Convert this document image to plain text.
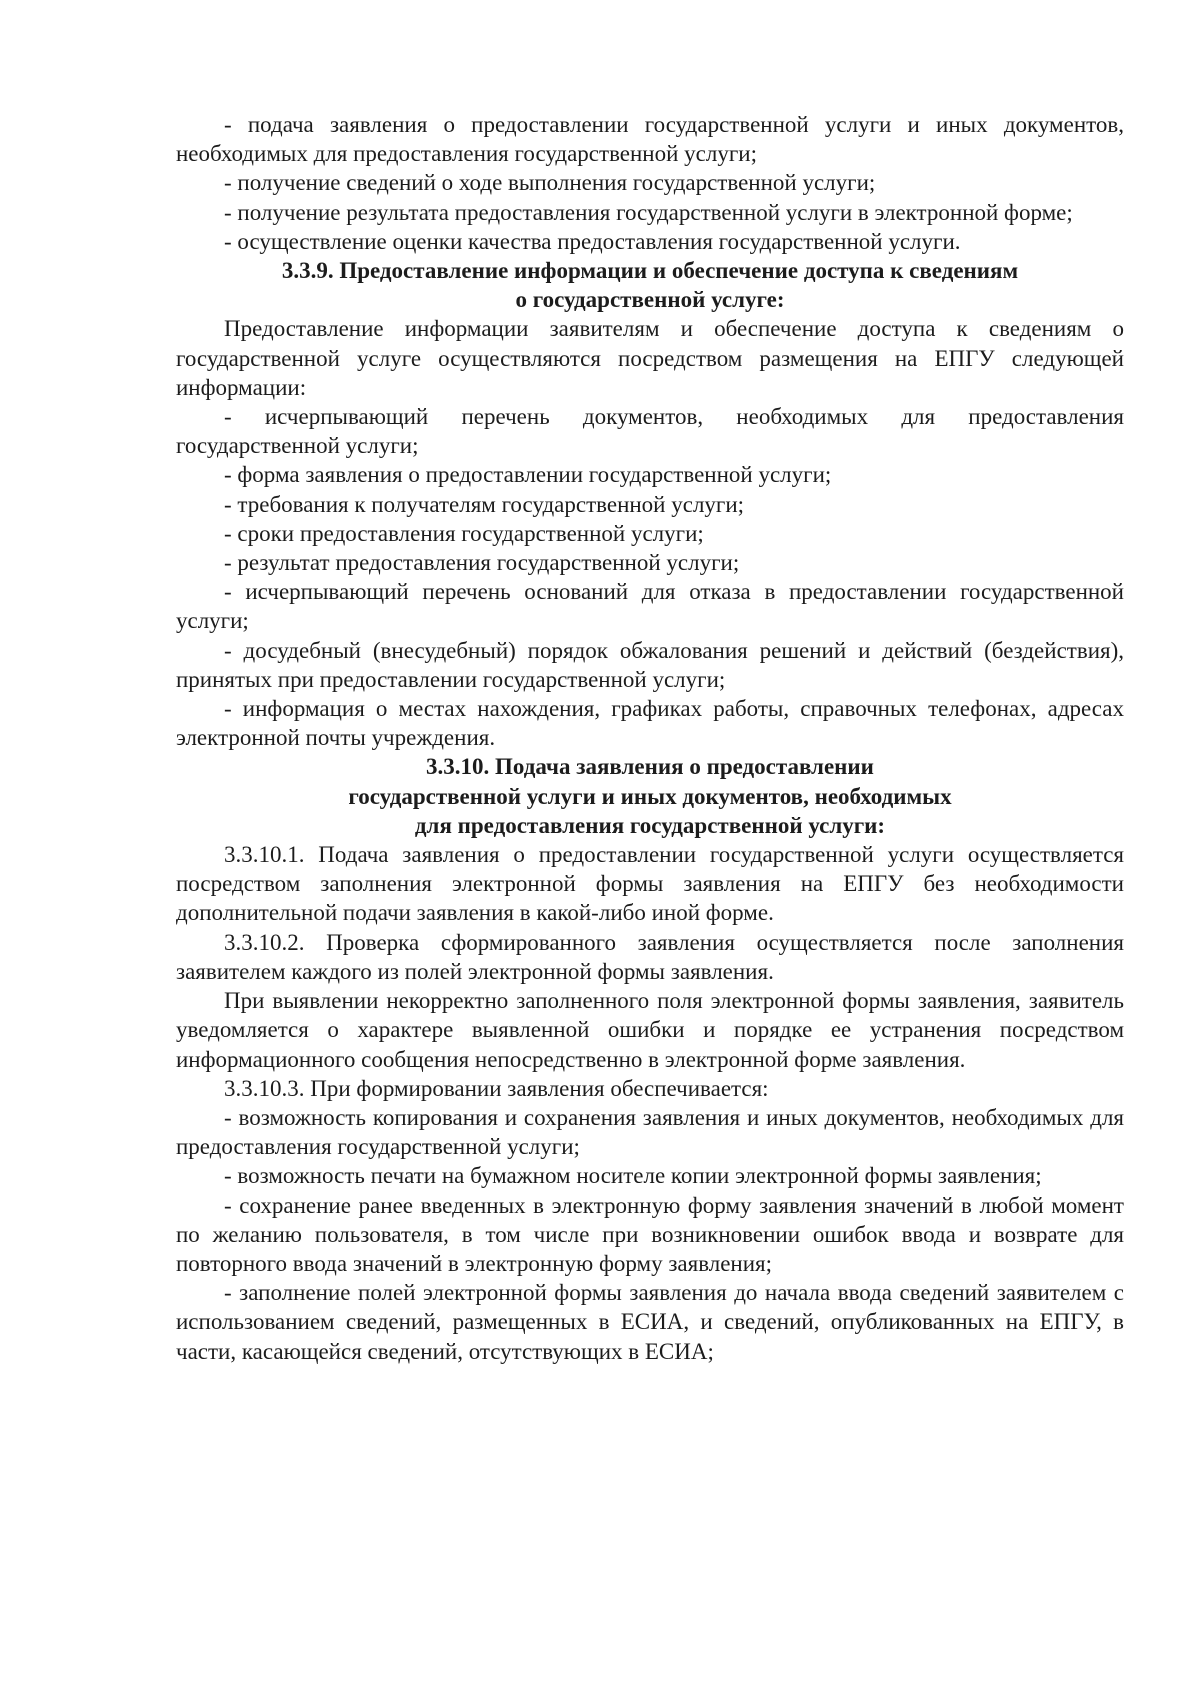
- подача заявления о предоставлении государственной услуги и иных документов, необходимых для предоставления государственной услуги;

- получение сведений о ходе выполнения государственной услуги;

- получение результата предоставления государственной услуги в электронной форме;

- осуществление оценки качества предоставления государственной услуги.

3.3.9. Предоставление информации и обеспечение доступа к сведениям
о государственной услуге:

Предоставление информации заявителям и обеспечение доступа к сведениям о государственной услуге осуществляются посредством размещения на ЕПГУ следующей информации:

- исчерпывающий перечень документов, необходимых для предоставления государственной услуги;

- форма заявления о предоставлении государственной услуги;

- требования к получателям государственной услуги;

- сроки предоставления государственной услуги;

- результат предоставления государственной услуги;

- исчерпывающий перечень оснований для отказа в предоставлении государственной услуги;

- досудебный (внесудебный) порядок обжалования решений и действий (бездействия), принятых при предоставлении государственной услуги;

- информация о местах нахождения, графиках работы, справочных телефонах, адресах электронной почты учреждения.

3.3.10. Подача заявления о предоставлении
государственной услуги и иных документов, необходимых
для предоставления государственной услуги:

3.3.10.1. Подача заявления о предоставлении государственной услуги осуществляется посредством заполнения электронной формы заявления на ЕПГУ без необходимости дополнительной подачи заявления в какой-либо иной форме.

3.3.10.2. Проверка сформированного заявления осуществляется после заполнения заявителем каждого из полей электронной формы заявления.

При выявлении некорректно заполненного поля электронной формы заявления, заявитель уведомляется о характере выявленной ошибки и порядке ее устранения посредством информационного сообщения непосредственно в электронной форме заявления.

3.3.10.3. При формировании заявления обеспечивается:

- возможность копирования и сохранения заявления и иных документов, необходимых для предоставления государственной услуги;

- возможность печати на бумажном носителе копии электронной формы заявления;

- сохранение ранее введенных в электронную форму заявления значений в любой момент по желанию пользователя, в том числе при возникновении ошибок ввода и возврате для повторного ввода значений в электронную форму заявления;

- заполнение полей электронной формы заявления до начала ввода сведений заявителем с использованием сведений, размещенных в ЕСИА, и сведений, опубликованных на ЕПГУ, в части, касающейся сведений, отсутствующих в ЕСИА;
